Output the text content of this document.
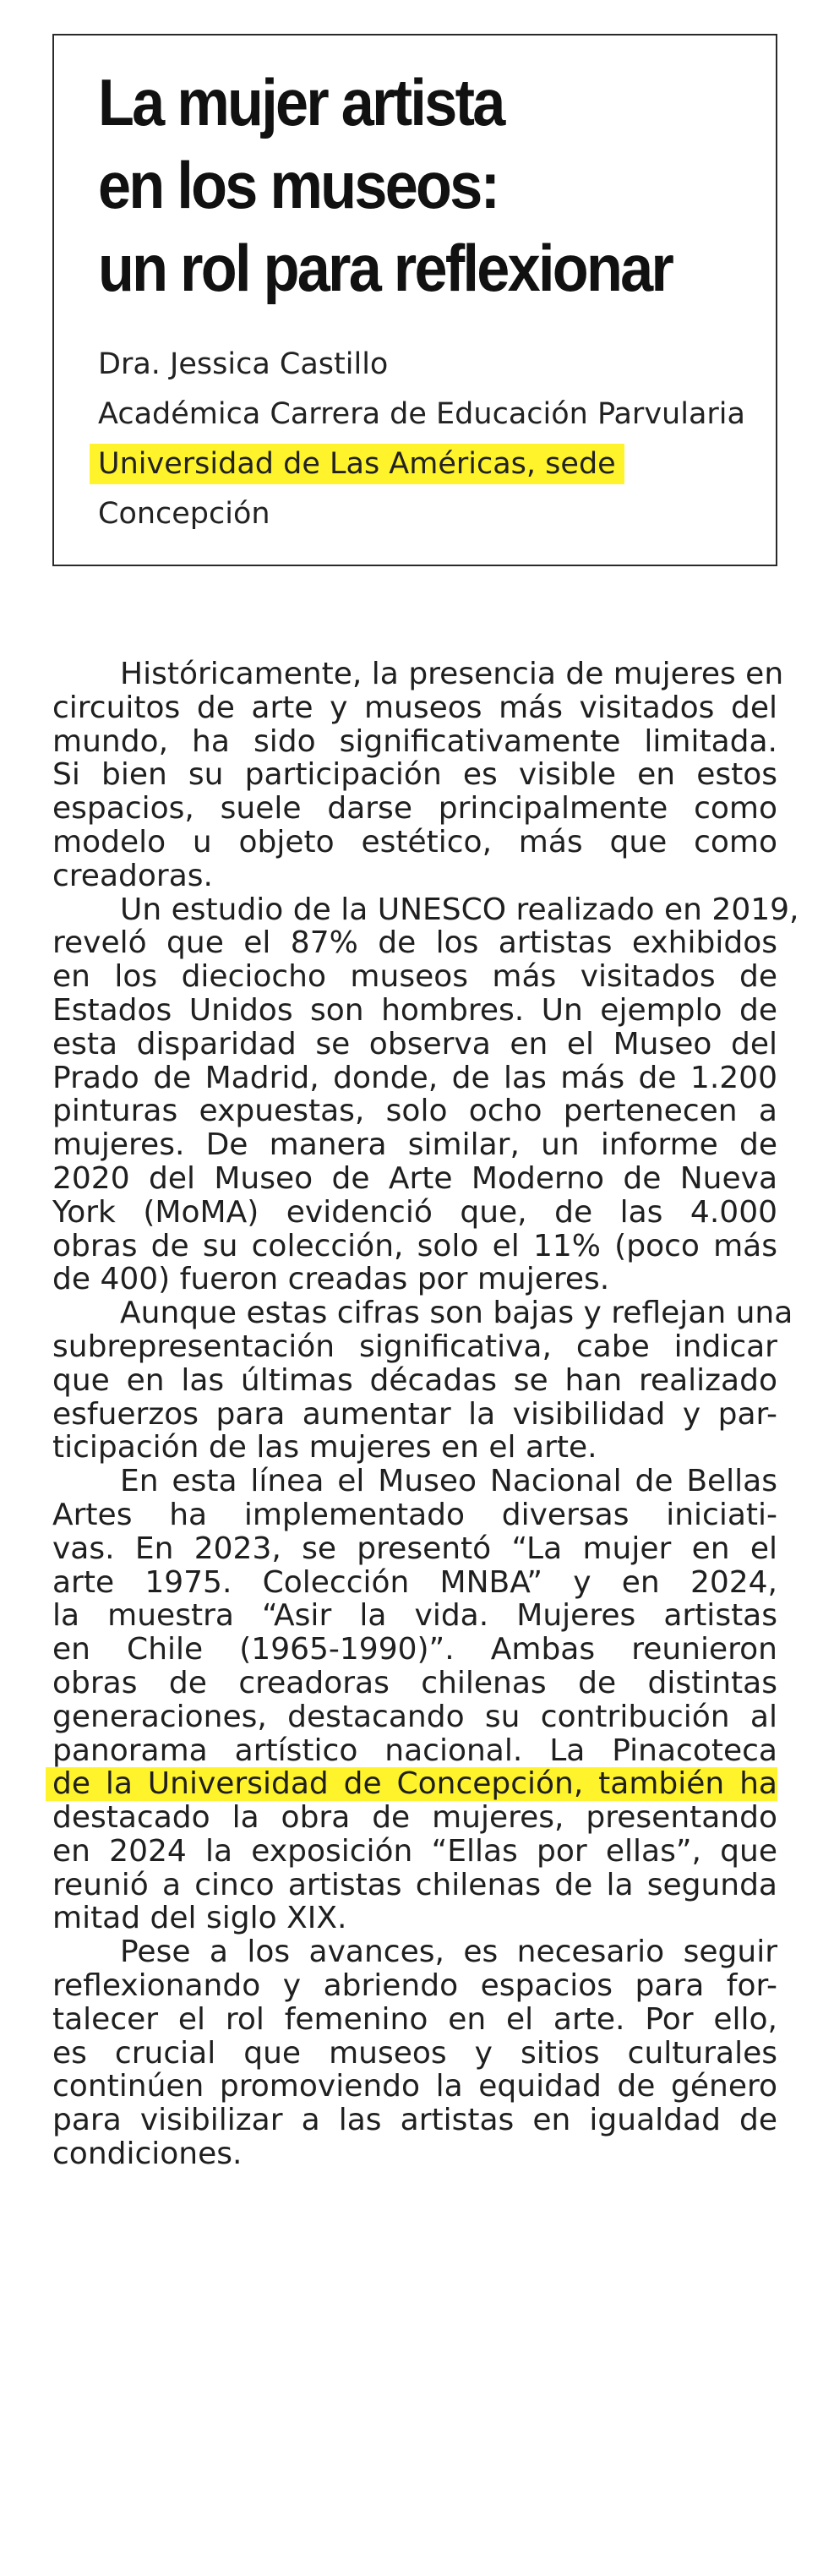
La mujer artista
en los museos:
un rol para reflexionar
Dra. Jessica Castillo
Académica Carrera de Educación Parvularia
Universidad de Las Américas, sede
Concepción
Históricamente, la presencia de mujeres en
circuitos de arte y museos más visitados del
mundo, ha sido significativamente limitada.
Si bien su participación es visible en estos
espacios, suele darse principalmente como
modelo u objeto estético, más que como
creadoras.
Un estudio de la UNESCO realizado en 2019,
reveló que el 87% de los artistas exhibidos
en los dieciocho museos más visitados de
Estados Unidos son hombres. Un ejemplo de
esta disparidad se observa en el Museo del
Prado de Madrid, donde, de las más de 1.200
pinturas expuestas, solo ocho pertenecen a
mujeres. De manera similar, un informe de
2020 del Museo de Arte Moderno de Nueva
York (MoMA) evidenció que, de las 4.000
obras de su colección, solo el 11% (poco más
de 400) fueron creadas por mujeres.
Aunque estas cifras son bajas y reflejan una
subrepresentación significativa, cabe indicar
que en las últimas décadas se han realizado
esfuerzos para aumentar la visibilidad y par-
ticipación de las mujeres en el arte.
En esta línea el Museo Nacional de Bellas
Artes ha implementado diversas iniciati-
vas. En 2023, se presentó “La mujer en el
arte 1975. Colección MNBA” y en 2024,
la muestra “Asir la vida. Mujeres artistas
en Chile (1965-1990)”. Ambas reunieron
obras de creadoras chilenas de distintas
generaciones, destacando su contribución al
panorama artístico nacional. La Pinacoteca
de la Universidad de Concepción, también ha
destacado la obra de mujeres, presentando
en 2024 la exposición “Ellas por ellas”, que
reunió a cinco artistas chilenas de la segunda
mitad del siglo XIX.
Pese a los avances, es necesario seguir
reflexionando y abriendo espacios para for-
talecer el rol femenino en el arte. Por ello,
es crucial que museos y sitios culturales
continúen promoviendo la equidad de género
para visibilizar a las artistas en igualdad de
condiciones.
